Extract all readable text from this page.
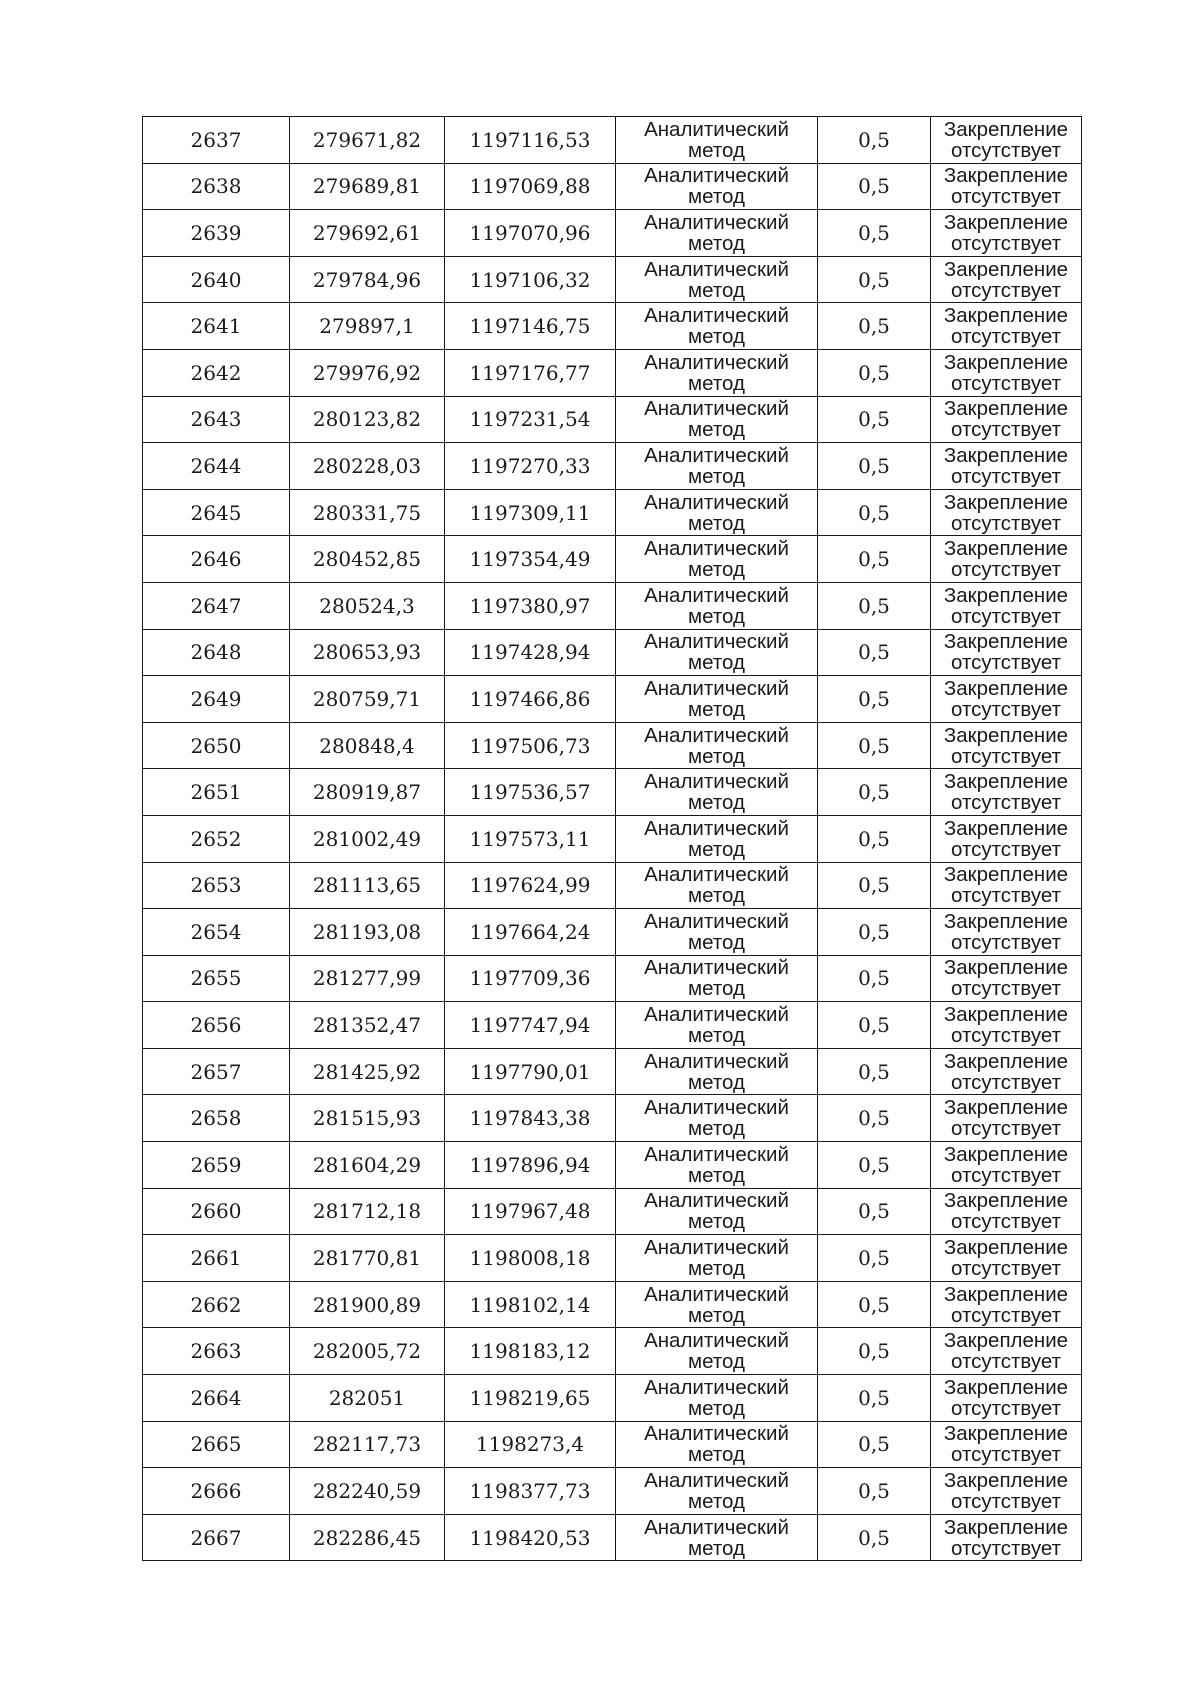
2637	279671,82	1197116,53	Аналитический
метод	0,5	Закрепление
отсутствует

2638	279689,81	1197069,88	Аналитический
метод	0,5	Закрепление
отсутствует

2639	279692,61	1197070,96	Аналитический
метод	0,5	Закрепление
отсутствует

2640	279784,96	1197106,32	Аналитический
метод	0,5	Закрепление
отсутствует

2641	279897,1	1197146,75	Аналитический
метод	0,5	Закрепление
отсутствует

2642	279976,92	1197176,77	Аналитический
метод	0,5	Закрепление
отсутствует

2643	280123,82	1197231,54	Аналитический
метод	0,5	Закрепление
отсутствует

2644	280228,03	1197270,33	Аналитический
метод	0,5	Закрепление
отсутствует

2645	280331,75	1197309,11	Аналитический
метод	0,5	Закрепление
отсутствует

2646	280452,85	1197354,49	Аналитический
метод	0,5	Закрепление
отсутствует

2647	280524,3	1197380,97	Аналитический
метод	0,5	Закрепление
отсутствует

2648	280653,93	1197428,94	Аналитический
метод	0,5	Закрепление
отсутствует

2649	280759,71	1197466,86	Аналитический
метод	0,5	Закрепление
отсутствует

2650	280848,4	1197506,73	Аналитический
метод	0,5	Закрепление
отсутствует

2651	280919,87	1197536,57	Аналитический
метод	0,5	Закрепление
отсутствует

2652	281002,49	1197573,11	Аналитический
метод	0,5	Закрепление
отсутствует

2653	281113,65	1197624,99	Аналитический
метод	0,5	Закрепление
отсутствует

2654	281193,08	1197664,24	Аналитический
метод	0,5	Закрепление
отсутствует

2655	281277,99	1197709,36	Аналитический
метод	0,5	Закрепление
отсутствует

2656	281352,47	1197747,94	Аналитический
метод	0,5	Закрепление
отсутствует

2657	281425,92	1197790,01	Аналитический
метод	0,5	Закрепление
отсутствует

2658	281515,93	1197843,38	Аналитический
метод	0,5	Закрепление
отсутствует

2659	281604,29	1197896,94	Аналитический
метод	0,5	Закрепление
отсутствует

2660	281712,18	1197967,48	Аналитический
метод	0,5	Закрепление
отсутствует

2661	281770,81	1198008,18	Аналитический
метод	0,5	Закрепление
отсутствует

2662	281900,89	1198102,14	Аналитический
метод	0,5	Закрепление
отсутствует

2663	282005,72	1198183,12	Аналитический
метод	0,5	Закрепление
отсутствует

2664	282051	1198219,65	Аналитический
метод	0,5	Закрепление
отсутствует

2665	282117,73	1198273,4	Аналитический
метод	0,5	Закрепление
отсутствует

2666	282240,59	1198377,73	Аналитический
метод	0,5	Закрепление
отсутствует

2667	282286,45	1198420,53	Аналитический
метод	0,5	Закрепление
отсутствует
